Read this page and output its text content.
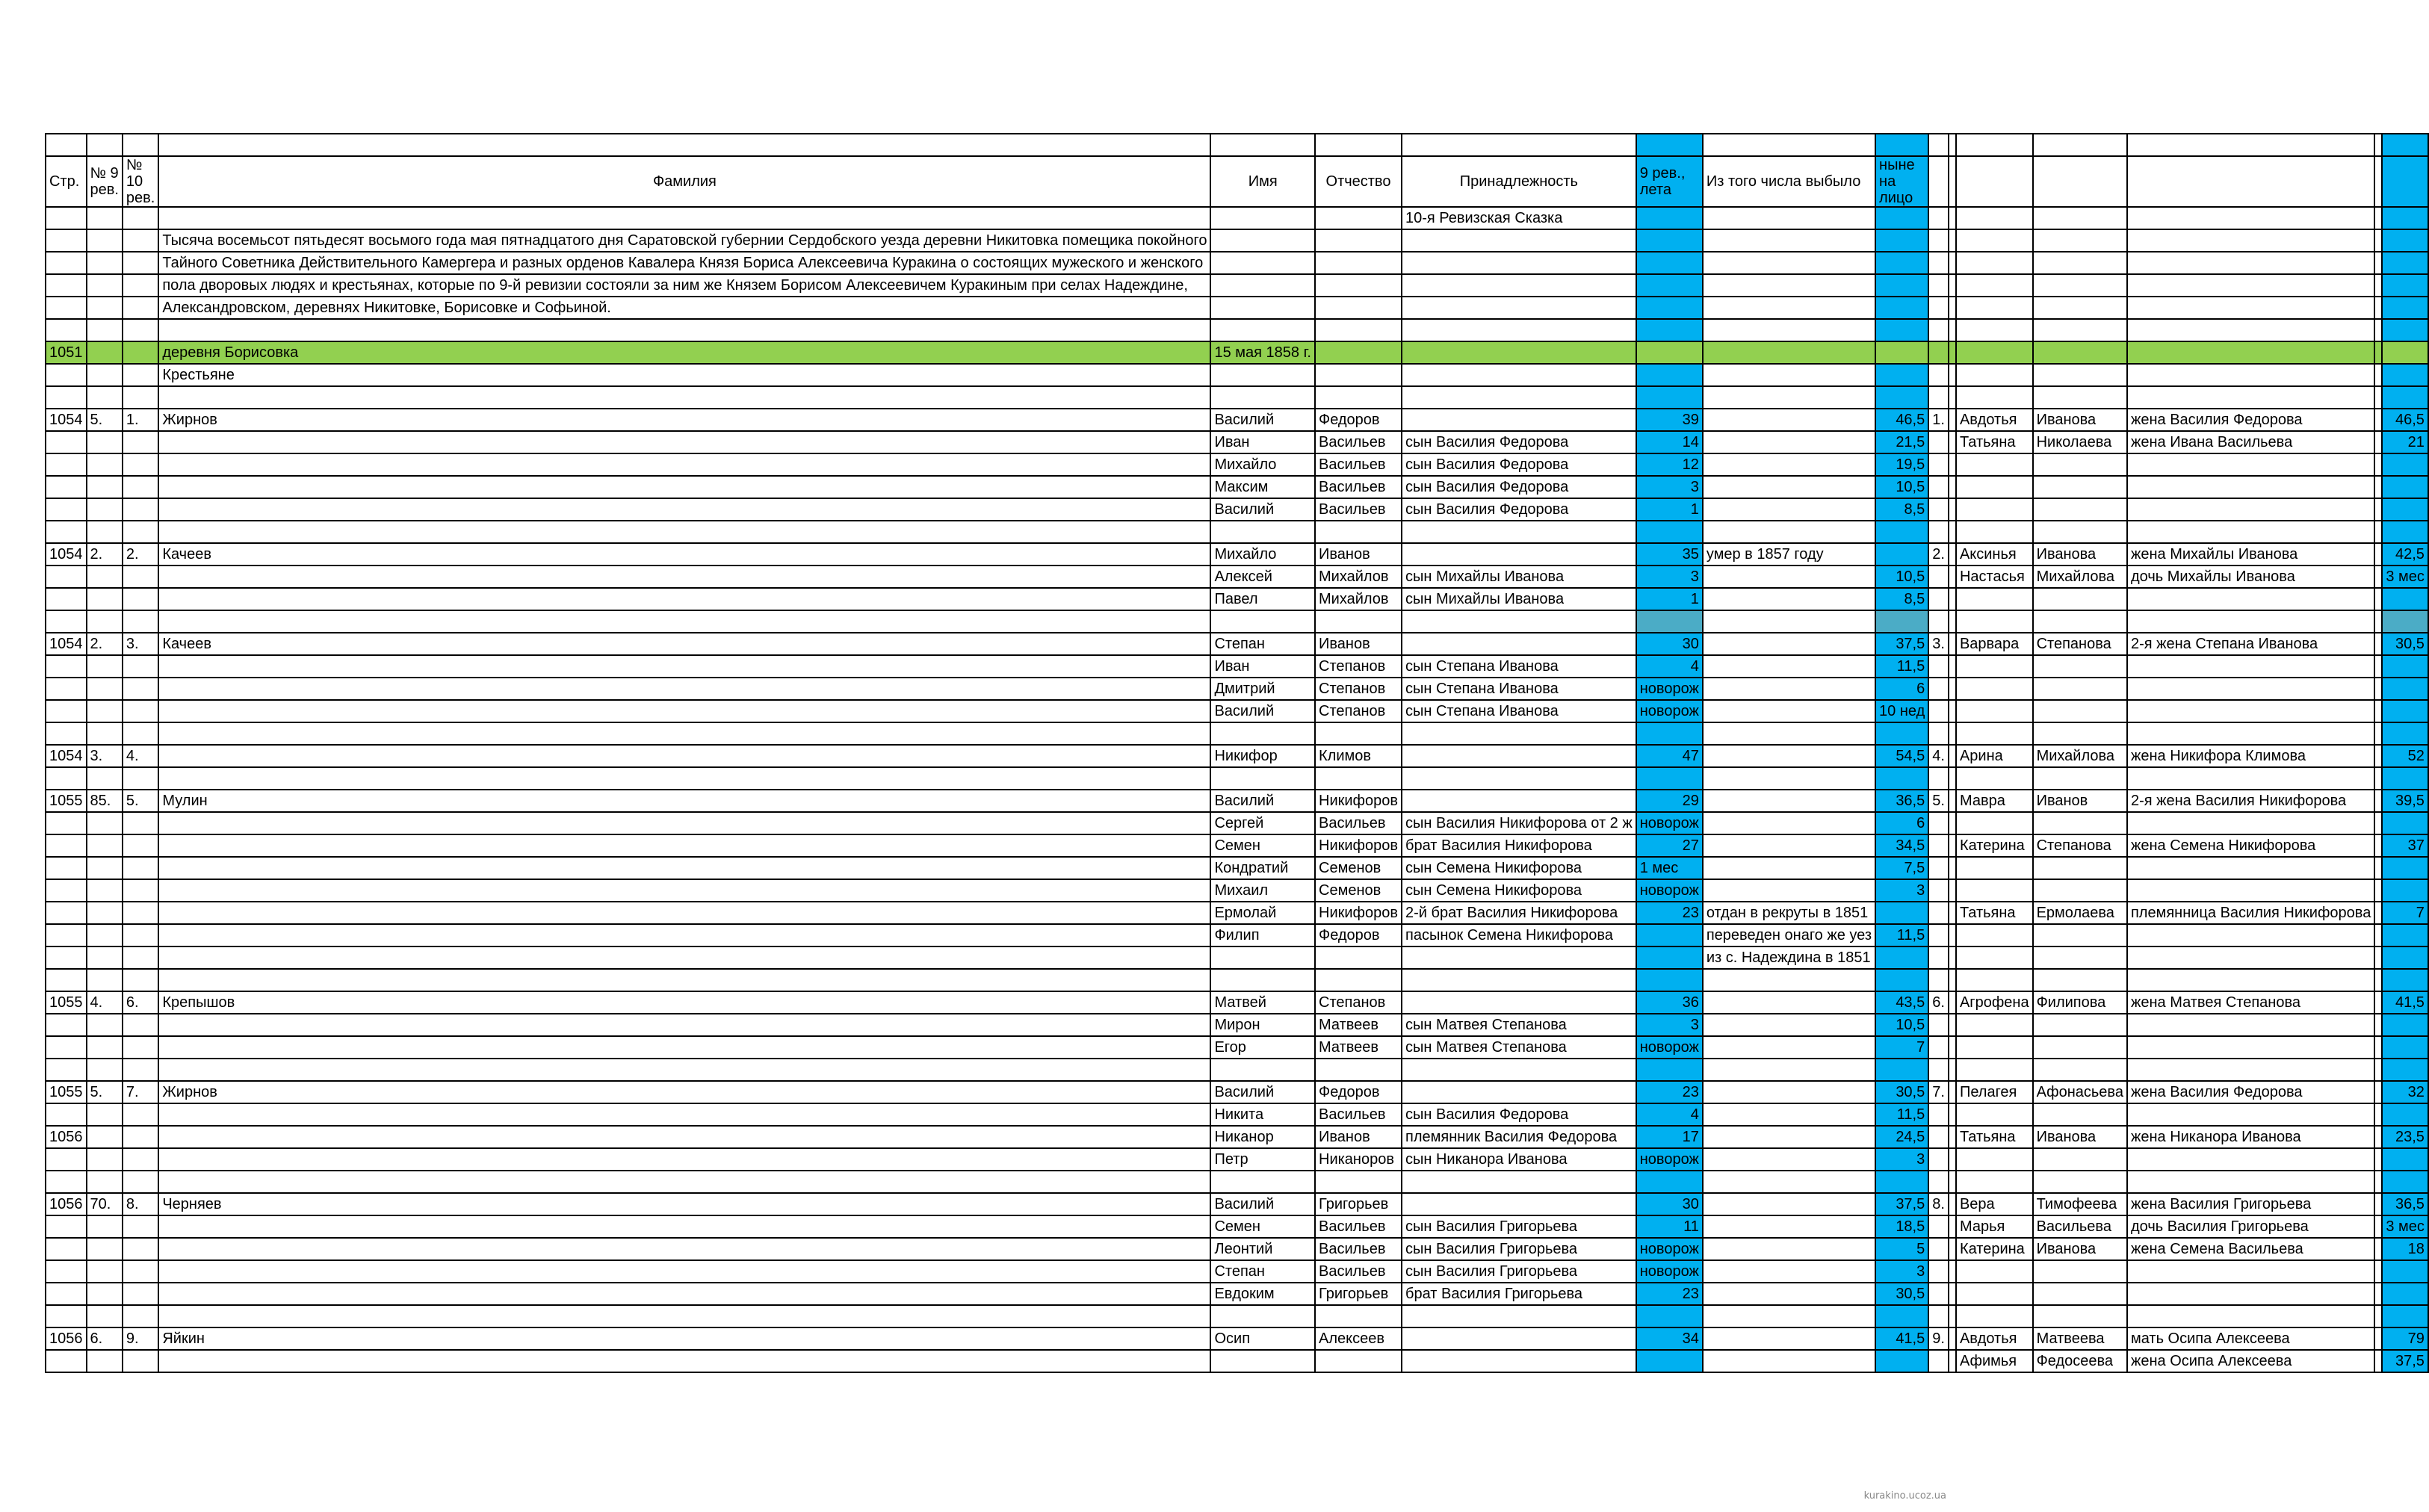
Стр.	№ 9 рев.	№ 10 рев.	Фамилия	Имя	Отчество	Принадлежность	9 рев., лета	Из того числа выбыло	ныне на лицо							
						10-я Ревизская Сказка										
			Тысяча восемьсот пятьдесят восьмого года мая пятнадцатого дня Саратовской губернии Сердобского уезда деревни Никитовка помещика покойного													
			Тайного Советника Действительного Камергера и разных орденов Кавалера Князя Бориса Алексеевича Куракина о состоящих мужеского и женского													
			пола дворовых людях и крестьянах, которые по 9-й ревизии состояли за ним же Князем Борисом Алексеевичем Куракиным при селах Надеждине,													
			Александровском, деревнях Никитовке, Борисовке и Софьиной.													

1051			деревня Борисовка	15 мая 1858 г.												
			Крестьяне													

1054	5.	1.	Жирнов	Василий	Федоров		39		46,5	1.		Авдотья	Иванова	жена Василия Федорова		46,5
				Иван	Васильев	сын Василия Федорова	14		21,5			Татьяна	Николаева	жена Ивана Васильева		21
				Михайло	Васильев	сын Василия Федорова	12		19,5							
				Максим	Васильев	сын Василия Федорова	3		10,5							
				Василий	Васильев	сын Василия Федорова	1		8,5							

1054	2.	2.	Качеев	Михайло	Иванов		35	умер в 1857 году		2.		Аксинья	Иванова	жена Михайлы Иванова		42,5
				Алексей	Михайлов	сын Михайлы Иванова	3		10,5			Настасья	Михайлова	дочь Михайлы Иванова		3 мес
				Павел	Михайлов	сын Михайлы Иванова	1		8,5							

1054	2.	3.	Качеев	Степан	Иванов		30		37,5	3.		Варвара	Степанова	2-я жена Степана Иванова		30,5
				Иван	Степанов	сын Степана Иванова	4		11,5							
				Дмитрий	Степанов	сын Степана Иванова	новорож		6							
				Василий	Степанов	сын Степана Иванова	новорож		10 нед							

1054	3.	4.		Никифор	Климов		47		54,5	4.		Арина	Михайлова	жена Никифора Климова		52

1055	85.	5.	Мулин	Василий	Никифоров		29		36,5	5.		Мавра	Иванов	2-я жена Василия Никифорова		39,5
				Сергей	Васильев	сын Василия Никифорова от 2 ж	новорож		6							
				Семен	Никифоров	брат Василия Никифорова	27		34,5			Катерина	Степанова	жена Семена Никифорова		37
				Кондратий	Семенов	сын Семена Никифорова	1 мес		7,5							
				Михаил	Семенов	сын Семена Никифорова	новорож		3							
				Ермолай	Никифоров	2-й брат Василия Никифорова	23	отдан в рекруты в 1851				Татьяна	Ермолаева	племянница Василия Никифорова		7
				Филип	Федоров	пасынок Семена Никифорова		переведен онаго же уез	11,5							
								из с. Надеждина в 1851								

1055	4.	6.	Крепышов	Матвей	Степанов		36		43,5	6.		Агрофена	Филипова	жена Матвея Степанова		41,5
				Мирон	Матвеев	сын Матвея Степанова	3		10,5							
				Егор	Матвеев	сын Матвея Степанова	новорож		7							

1055	5.	7.	Жирнов	Василий	Федоров		23		30,5	7.		Пелагея	Афонасьева	жена Василия Федорова		32
				Никита	Васильев	сын Василия Федорова	4		11,5							
1056				Никанор	Иванов	племянник Василия Федорова	17		24,5			Татьяна	Иванова	жена Никанора Иванова		23,5
				Петр	Никаноров	сын Никанора Иванова	новорож		3							

1056	70.	8.	Черняев	Василий	Григорьев		30		37,5	8.		Вера	Тимофеева	жена Василия Григорьева		36,5
				Семен	Васильев	сын Василия Григорьева	11		18,5			Марья	Васильева	дочь Василия Григорьева		3 мес
				Леонтий	Васильев	сын Василия Григорьева	новорож		5			Катерина	Иванова	жена Семена Васильева		18
				Степан	Васильев	сын Василия Григорьева	новорож		3							
				Евдоким	Григорьев	брат Василия Григорьева	23		30,5							

1056	6.	9.	Яйкин	Осип	Алексеев		34		41,5	9.		Авдотья	Матвеева	мать Осипа Алексеева		79
												Афимья	Федосеева	жена Осипа Алексеева		37,5
kurakino.ucoz.ua
